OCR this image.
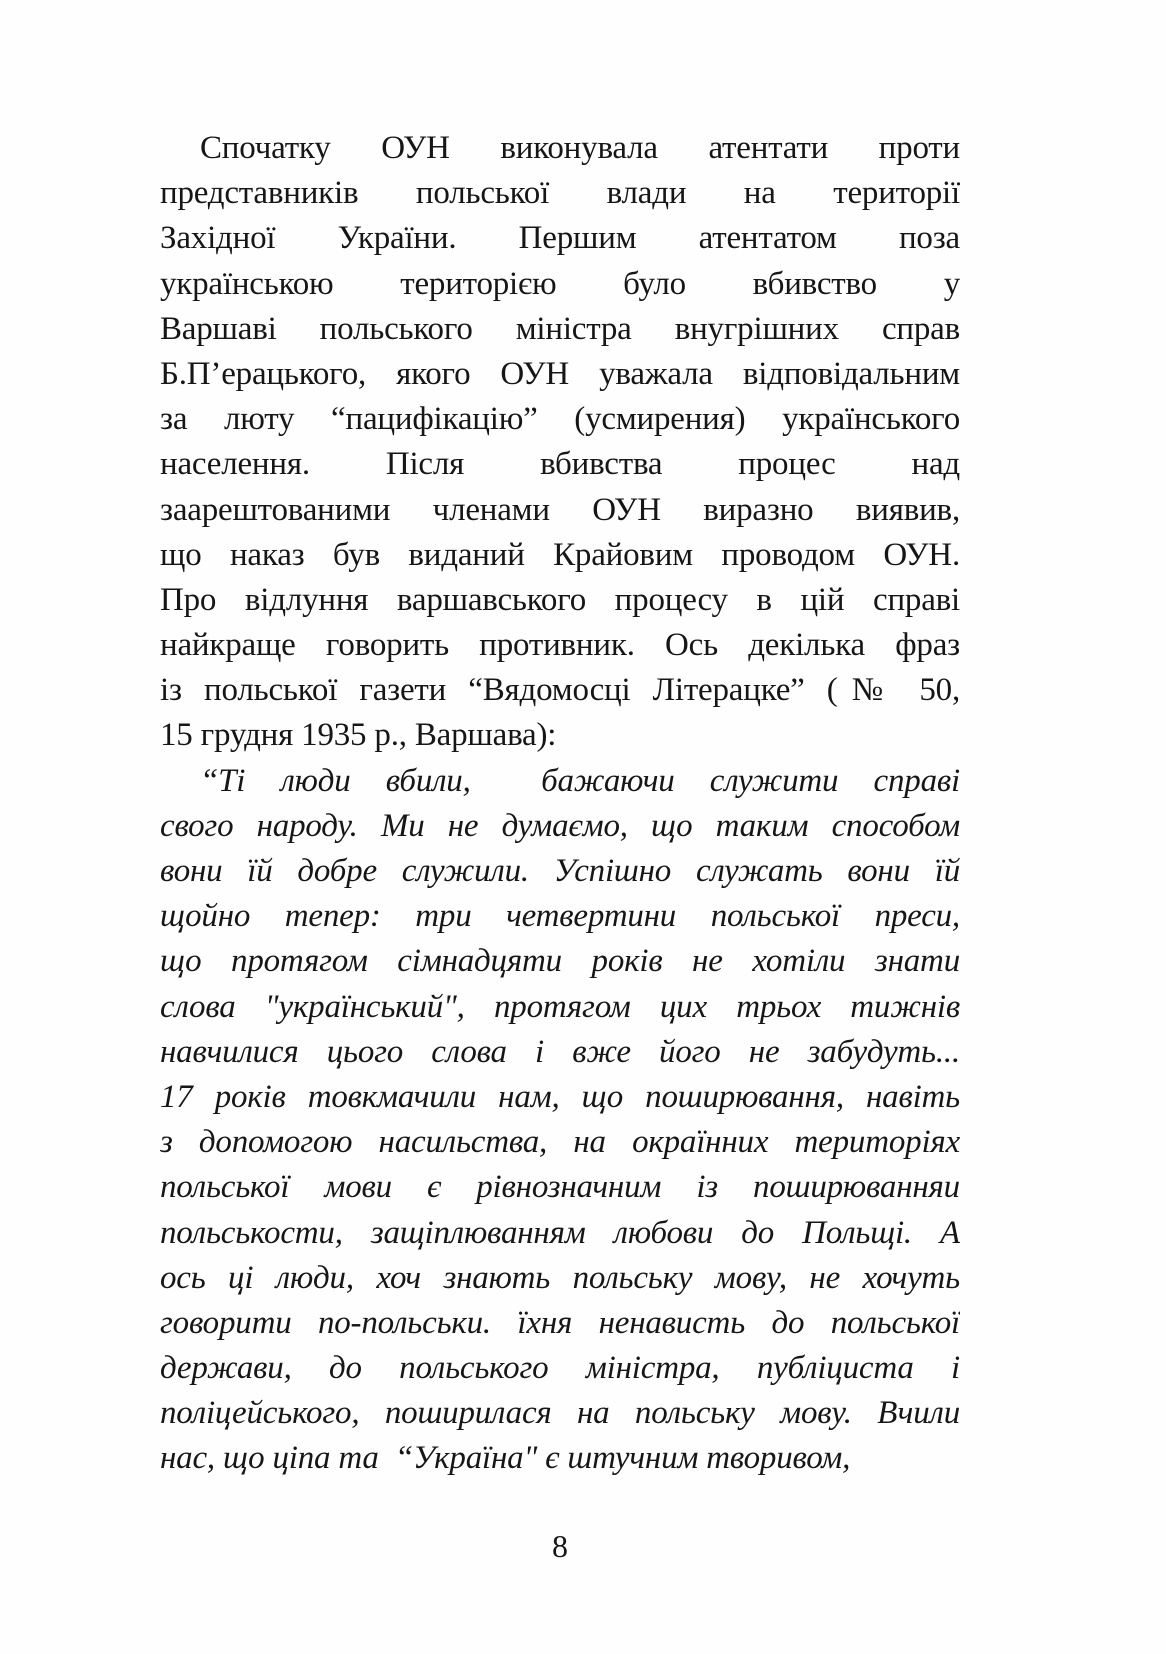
Спочатку ОУН виконувала атентати проти
представників польської влади на території
Західної України. Першим атентатом поза
українською територією було вбивство у
Варшаві польського міністра внугрішних справ
Б.П’ерацького, якого ОУН уважала відповідальним
за люту “пацифікацію” (усмирения) українського
населення. Після вбивства процес над
заарештованими членами ОУН виразно виявив,
що наказ був виданий Крайовим проводом ОУН.
Про відлуння варшавського процесу в цій справі
найкраще говорить противник. Ось декілька фраз
із польської газети “Вядомосці Літерацке” (№ 50,
15 грудня 1935 р., Варшава):
“Ті люди вбили,  бажаючи служити справі
свого народу. Ми не думаємо, що таким способом
вони їй добре служили. Успішно служать вони їй
щойно тепер: три четвертини польської преси,
що протягом сімнадцяти років не хотіли знати
слова "український", протягом цих трьох тижнів
навчилися цього слова і вже його не забудуть...
17 років товкмачили нам, що поширювання, навіть
з допомогою насильства, на окраїнних територіях
польської мови є рівнозначним із поширюванняи
польськости, защіплюванням любови до Польщі. А
ось ці люди, хоч знають польську мову, не хочуть
говорити по-польськи. їхня ненависть до польської
держави, до польського міністра, публіциста і
поліцейського, поширилася на польську мову. Вчили
нас, що ціпа та  “Україна" є штучним творивом,
8
